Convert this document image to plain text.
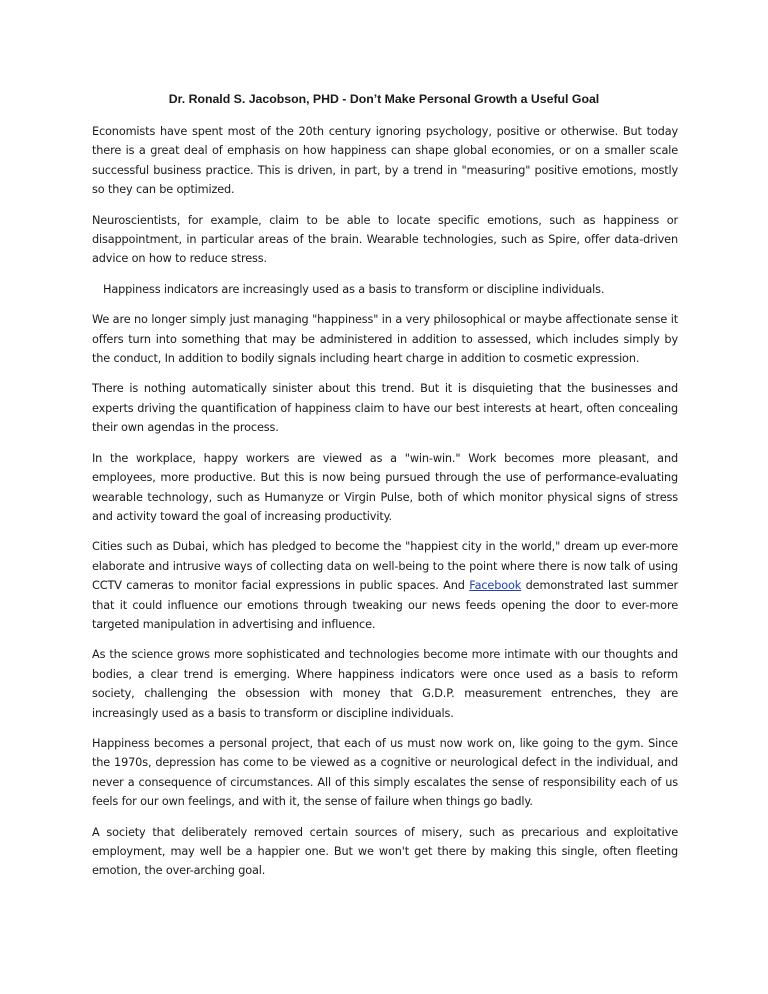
Dr. Ronald S. Jacobson, PHD - Don’t Make Personal Growth a Useful Goal

Economists have spent most of the 20th century ignoring psychology, positive or otherwise. But today there is a great deal of emphasis on how happiness can shape global economies, or on a smaller scale successful business practice. This is driven, in part, by a trend in "measuring" positive emotions, mostly so they can be optimized.

Neuroscientists, for example, claim to be able to locate specific emotions, such as happiness or disappointment, in particular areas of the brain. Wearable technologies, such as Spire, offer data-driven advice on how to reduce stress.

Happiness indicators are increasingly used as a basis to transform or discipline individuals.

We are no longer simply just managing "happiness" in a very philosophical or maybe affectionate sense it offers turn into something that may be administered in addition to assessed, which includes simply by the conduct, In addition to bodily signals including heart charge in addition to cosmetic expression.

There is nothing automatically sinister about this trend. But it is disquieting that the businesses and experts driving the quantification of happiness claim to have our best interests at heart, often concealing their own agendas in the process.

In the workplace, happy workers are viewed as a "win-win." Work becomes more pleasant, and employees, more productive. But this is now being pursued through the use of performance-evaluating wearable technology, such as Humanyze or Virgin Pulse, both of which monitor physical signs of stress and activity toward the goal of increasing productivity.

Cities such as Dubai, which has pledged to become the "happiest city in the world," dream up ever-more elaborate and intrusive ways of collecting data on well-being to the point where there is now talk of using CCTV cameras to monitor facial expressions in public spaces. And Facebook demonstrated last summer that it could influence our emotions through tweaking our news feeds opening the door to ever-more targeted manipulation in advertising and influence.

As the science grows more sophisticated and technologies become more intimate with our thoughts and bodies, a clear trend is emerging. Where happiness indicators were once used as a basis to reform society, challenging the obsession with money that G.D.P. measurement entrenches, they are increasingly used as a basis to transform or discipline individuals.

Happiness becomes a personal project, that each of us must now work on, like going to the gym. Since the 1970s, depression has come to be viewed as a cognitive or neurological defect in the individual, and never a consequence of circumstances. All of this simply escalates the sense of responsibility each of us feels for our own feelings, and with it, the sense of failure when things go badly.

A society that deliberately removed certain sources of misery, such as precarious and exploitative employment, may well be a happier one. But we won't get there by making this single, often fleeting emotion, the over-arching goal.
